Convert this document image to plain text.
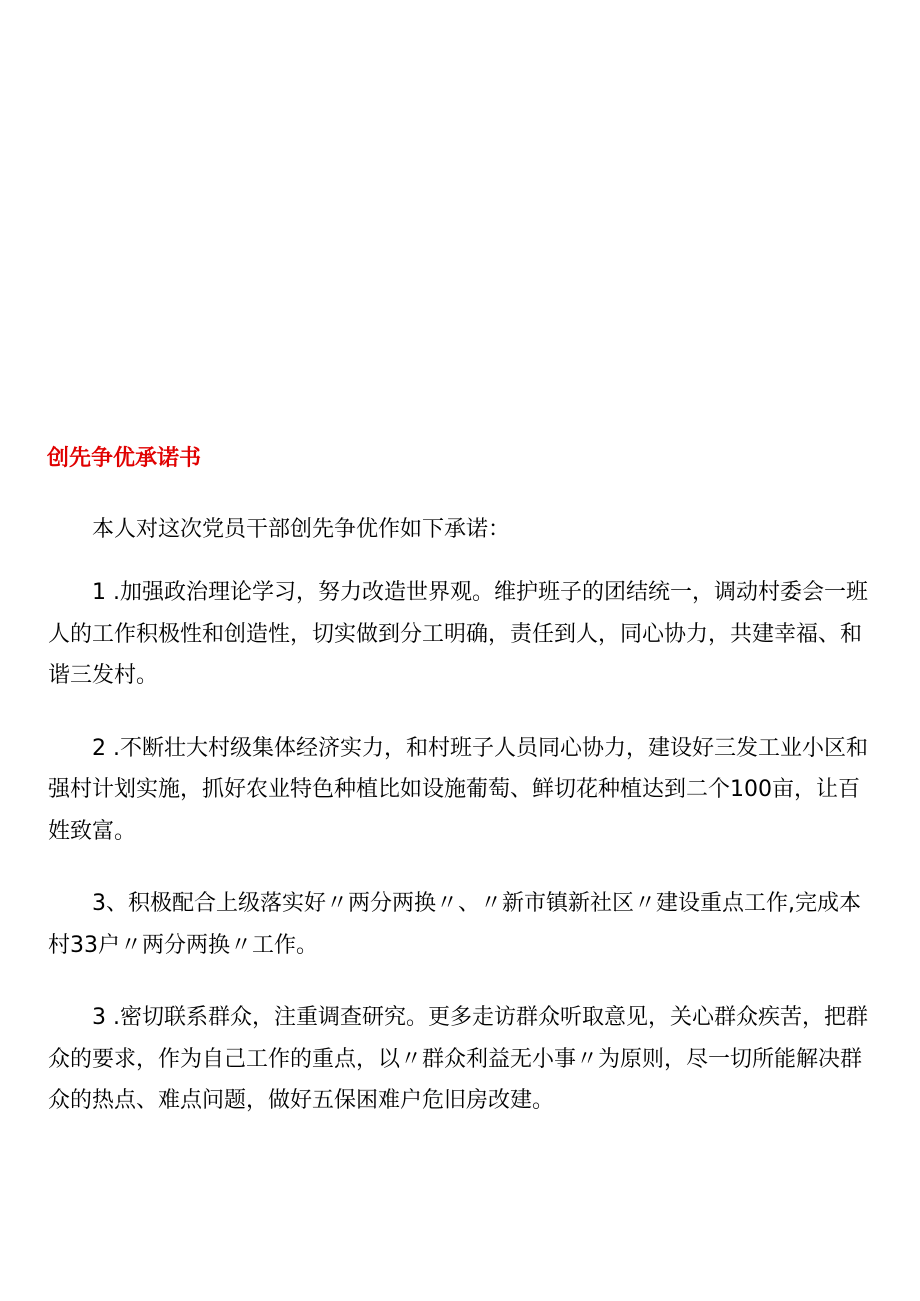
创先争优承诺书

本人对这次党员干部创先争优作如下承诺：

1 .加强政治理论学习，努力改造世界观。维护班子的团结统一，调动村委会一班人的工作积极性和创造性，切实做到分工明确，责任到人，同心协力，共建幸福、和谐三发村。

2 .不断壮大村级集体经济实力，和村班子人员同心协力，建设好三发工业小区和强村计划实施，抓好农业特色种植比如设施葡萄、鲜切花种植达到二个100亩，让百姓致富。

3、积极配合上级落实好〃两分两换〃、〃新市镇新社区〃建设重点工作,完成本村33户〃两分两换〃工作。

3 .密切联系群众，注重调查研究。更多走访群众听取意见，关心群众疾苦，把群众的要求，作为自己工作的重点，以〃群众利益无小事〃为原则，尽一切所能解决群众的热点、难点问题，做好五保困难户危旧房改建。
